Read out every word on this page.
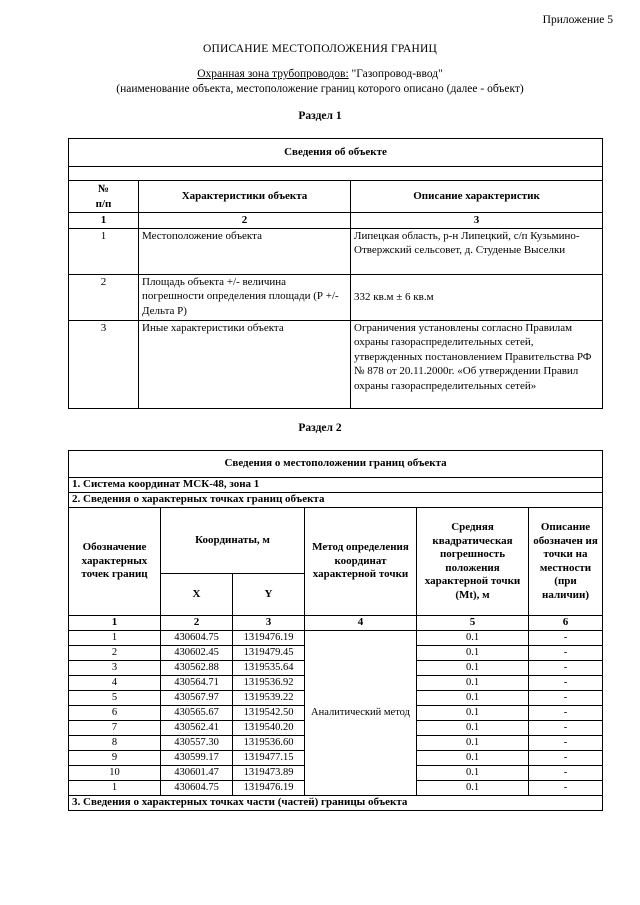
Приложение 5
ОПИСАНИЕ МЕСТОПОЛОЖЕНИЯ ГРАНИЦ
Охранная зона трубопроводов: "Газопровод-ввод"
(наименование объекта, местоположение границ которого описано (далее - объект)
Раздел 1
Сведения об объекте		

№
п/п	Характеристики объекта	Описание характеристик
1	2	3
1	Местоположение объекта	Липецкая область, р-н Липецкий, с/п Кузьмино-Отвержский сельсовет, д. Студеные Выселки
2	Площадь объекта +/- величина погрешности определения площади (Р +/- Дельта Р)	332 кв.м ± 6 кв.м
3	Иные характеристики объекта	Ограничения установлены согласно Правилам охраны газораспределительных сетей, утвержденных постановлением Правительства РФ № 878 от 20.11.2000г. «Об утверждении Правил охраны газораспределительных сетей»
Раздел 2
Сведения о местоположении границ объекта					
1. Система координат МСК-48, зона 1					
2. Сведения о характерных точках границ объекта					
Обозначение характерных точек границ	Координаты, м		Метод определения координат характерной точки	Средняя квадратическая погрешность положения характерной точки (Mt), м	Описание обозначен ия точки на местности (при наличии)
	X	Y			
1	2	3	4	5	6
1	430604.75	1319476.19	Аналитический метод	0.1	-
2	430602.45	1319479.45		0.1	-
3	430562.88	1319535.64		0.1	-
4	430564.71	1319536.92		0.1	-
5	430567.97	1319539.22		0.1	-
6	430565.67	1319542.50		0.1	-
7	430562.41	1319540.20		0.1	-
8	430557.30	1319536.60		0.1	-
9	430599.17	1319477.15		0.1	-
10	430601.47	1319473.89		0.1	-
1	430604.75	1319476.19		0.1	-
3. Сведения о характерных точках части (частей) границы объекта					
